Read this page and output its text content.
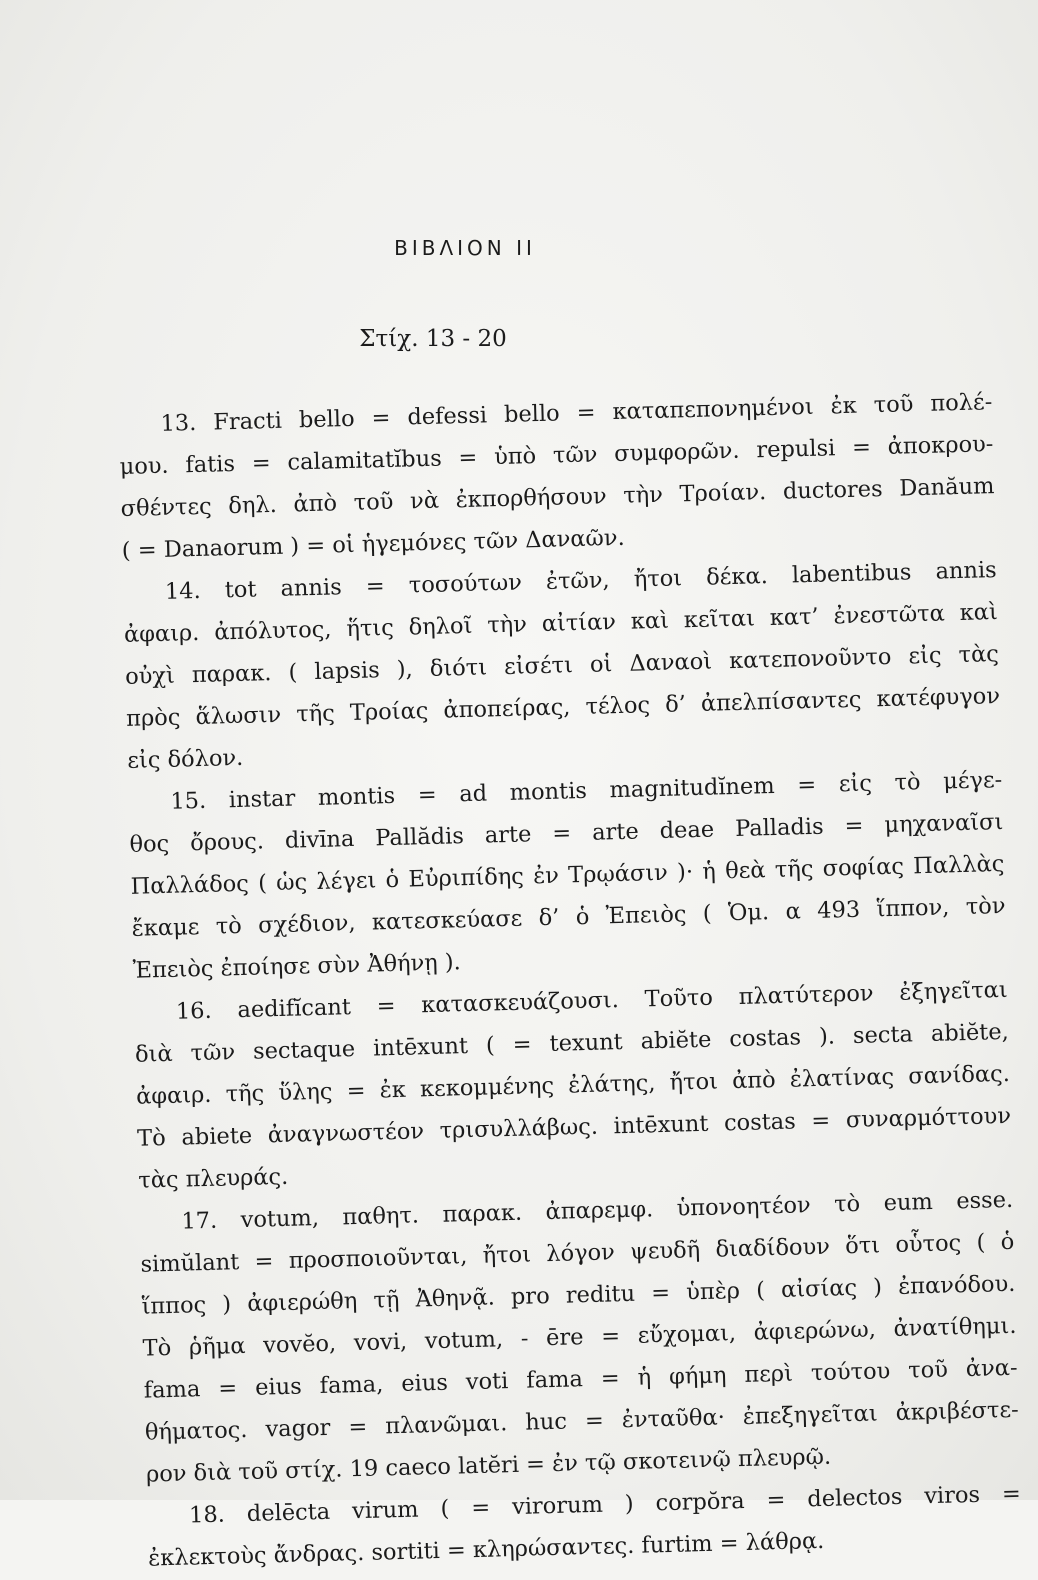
ΒΙΒΛΙΟΝ ΙΙ
Στίχ. 13 - 20
13. Fracti bello = defessi bello = καταπεπονημένοι ἐκ τοῦ πολέ-
μου. fatis = calamitatĭbus = ὑπὸ τῶν συμφορῶν. repulsi = ἀποκρου-
σθέντες δηλ. ἀπὸ τοῦ νὰ ἐκπορθήσουν τὴν Τροίαν. ductores Danăum
( = Danaorum ) = οἱ ἡγεμόνες τῶν Δαναῶν.
14. tot annis = τοσούτων ἐτῶν, ἤτοι δέκα. labentibus annis
ἀφαιρ. ἀπόλυτος, ἥτις δηλοῖ τὴν αἰτίαν καὶ κεῖται κατ’ ἐνεστῶτα καὶ
οὐχὶ παρακ. ( lapsis ), διότι εἰσέτι οἱ Δαναοὶ κατεπονοῦντο εἰς τὰς
πρὸς ἅλωσιν τῆς Τροίας ἀποπείρας, τέλος δ’ ἀπελπίσαντες κατέφυγον
εἰς δόλον.
15. instar montis = ad montis magnitudĭnem = εἰς τὸ μέγε-
θος ὄρους. divīna Pallădis arte = arte deae Palladis = μηχαναῖσι
Παλλάδος ( ὡς λέγει ὁ Εὐριπίδης ἐν Τρῳάσιν )· ἡ θεὰ τῆς σοφίας Παλλὰς
ἔκαμε τὸ σχέδιον, κατεσκεύασε δ’ ὁ Ἐπειὸς ( Ὁμ. α 493 ἵππον, τὸν
Ἐπειὸς ἐποίησε σὺν Ἀθήνῃ ).
16. aedifĭcant = κατασκευάζουσι. Τοῦτο πλατύτερον ἐξηγεῖται
διὰ τῶν sectaque intēxunt ( = texunt abiĕte costas ). secta abiĕte,
ἀφαιρ. τῆς ὕλης = ἐκ κεκομμένης ἐλάτης, ἤτοι ἀπὸ ἐλατίνας σανίδας.
Τὸ abiete ἀναγνωστέον τρισυλλάβως. intēxunt costas = συναρμόττουν
τὰς πλευράς.
17. votum, παθητ. παρακ. ἀπαρεμφ. ὑπονοητέον τὸ eum esse.
simŭlant = προσποιοῦνται, ἤτοι λόγον ψευδῆ διαδίδουν ὅτι οὗτος ( ὁ
ἵππος ) ἀφιερώθη τῇ Ἀθηνᾷ. pro reditu = ὑπὲρ ( αἰσίας ) ἐπανόδου.
Τὸ ῥῆμα vovĕo, vovi, votum, - ēre = εὔχομαι, ἀφιερώνω, ἀνατίθημι.
fama = eius fama, eius voti fama = ἡ φήμη περὶ τούτου τοῦ ἀνα-
θήματος. vagor = πλανῶμαι. huc = ἐνταῦθα· ἐπεξηγεῖται ἀκριβέστε-
ρον διὰ τοῦ στίχ. 19 caeco latĕri = ἐν τῷ σκοτεινῷ πλευρῷ.
18. delēcta virum ( = virorum ) corpŏra = delectos viros =
ἐκλεκτοὺς ἄνδρας. sortiti = κληρώσαντες. furtim = λάθρᾳ.
